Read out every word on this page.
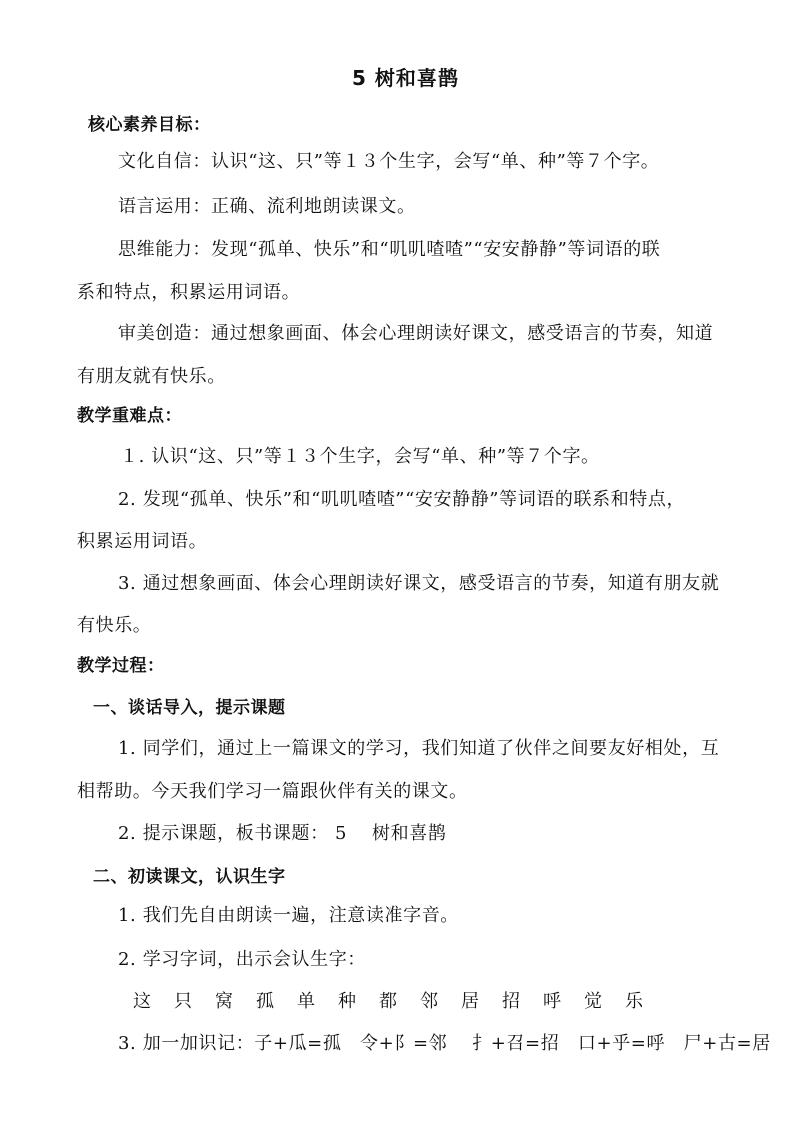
5 树和喜鹊
核心素养目标：
文化自信：认识“这、只”等１３个生字，会写“单、种”等７个字。
语言运用：正确、流利地朗读课文。
思维能力：发现“孤单、快乐”和“叽叽喳喳”“安安静静”等词语的联
系和特点，积累运用词语。
审美创造：通过想象画面、体会心理朗读好课文，感受语言的节奏，知道
有朋友就有快乐。
教学重难点：
１. 认识“这、只”等１３个生字，会写“单、种”等７个字。
2. 发现“孤单、快乐”和“叽叽喳喳”“安安静静”等词语的联系和特点，
积累运用词语。
3. 通过想象画面、体会心理朗读好课文，感受语言的节奏，知道有朋友就
有快乐。
教学过程：
一、谈话导入，提示课题
1. 同学们，通过上一篇课文的学习，我们知道了伙伴之间要友好相处，互
相帮助。今天我们学习一篇跟伙伴有关的课文。
2. 提示课题，板书课题： 5 　树和喜鹊
二、初读课文，认识生字
1. 我们先自由朗读一遍，注意读准字音。
2. 学习字词，出示会认生字：
这 只 窝 孤 单 种 都 邻 居 招 呼 觉 乐
3. 加一加识记：子+瓜=孤　令+阝=邻　 扌+召=招　口+乎=呼　尸+古=居
